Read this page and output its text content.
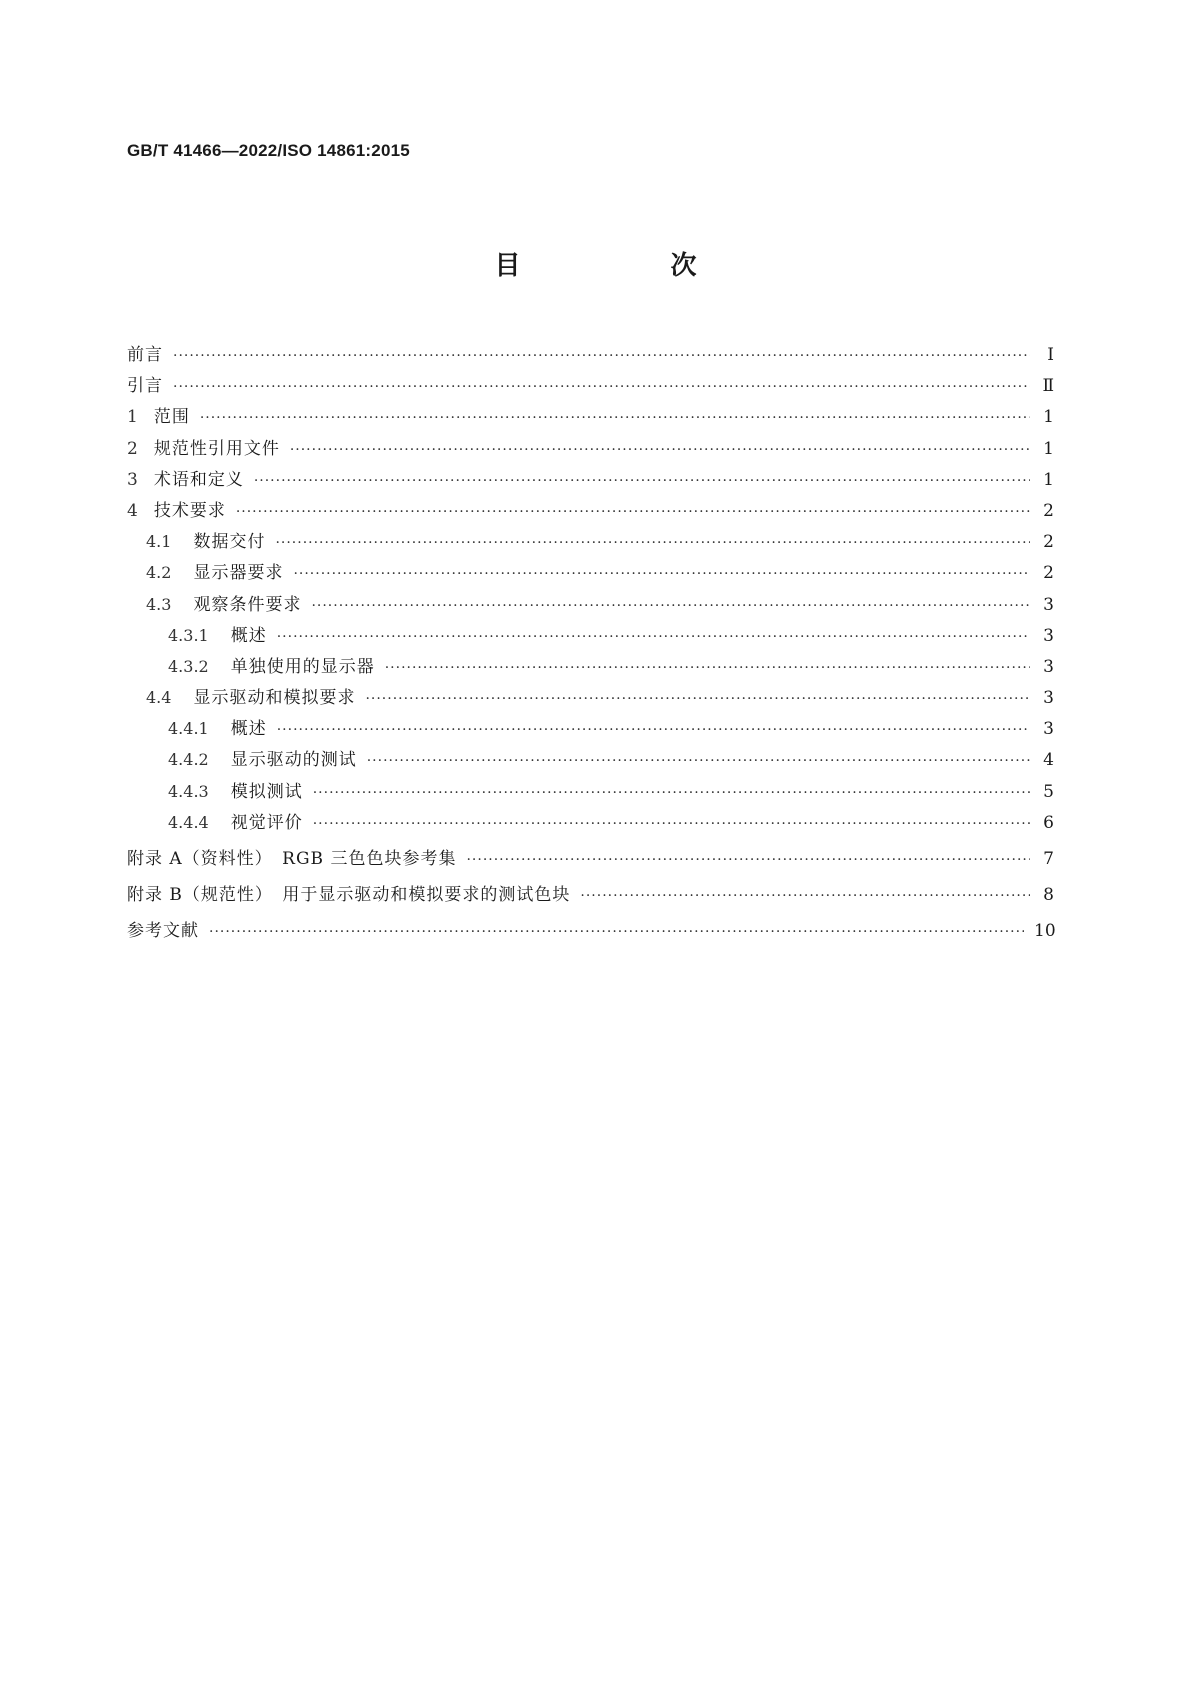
GB/T 41466—2022/ISO 14861:2015
目　次
前言 ·····	Ⅰ
引言 ·····	Ⅱ
1 范围 ·····	1
2 规范性引用文件 ·····	1
3 术语和定义 ·····	1
4 技术要求 ·····	2
4.1 数据交付 ·····	2
4.2 显示器要求 ·····	2
4.3 观察条件要求 ·····	3
4.3.1 概述 ·····	3
4.3.2 单独使用的显示器 ·····	3
4.4 显示驱动和模拟要求 ·····	3
4.4.1 概述 ·····	3
4.4.2 显示驱动的测试 ·····	4
4.4.3 模拟测试 ·····	5
4.4.4 视觉评价 ·····	6
附录 A（资料性）　RGB 三色色块参考集 ·····	7
附录 B（规范性）　用于显示驱动和模拟要求的测试色块 ·····	8
参考文献 ·····	10
